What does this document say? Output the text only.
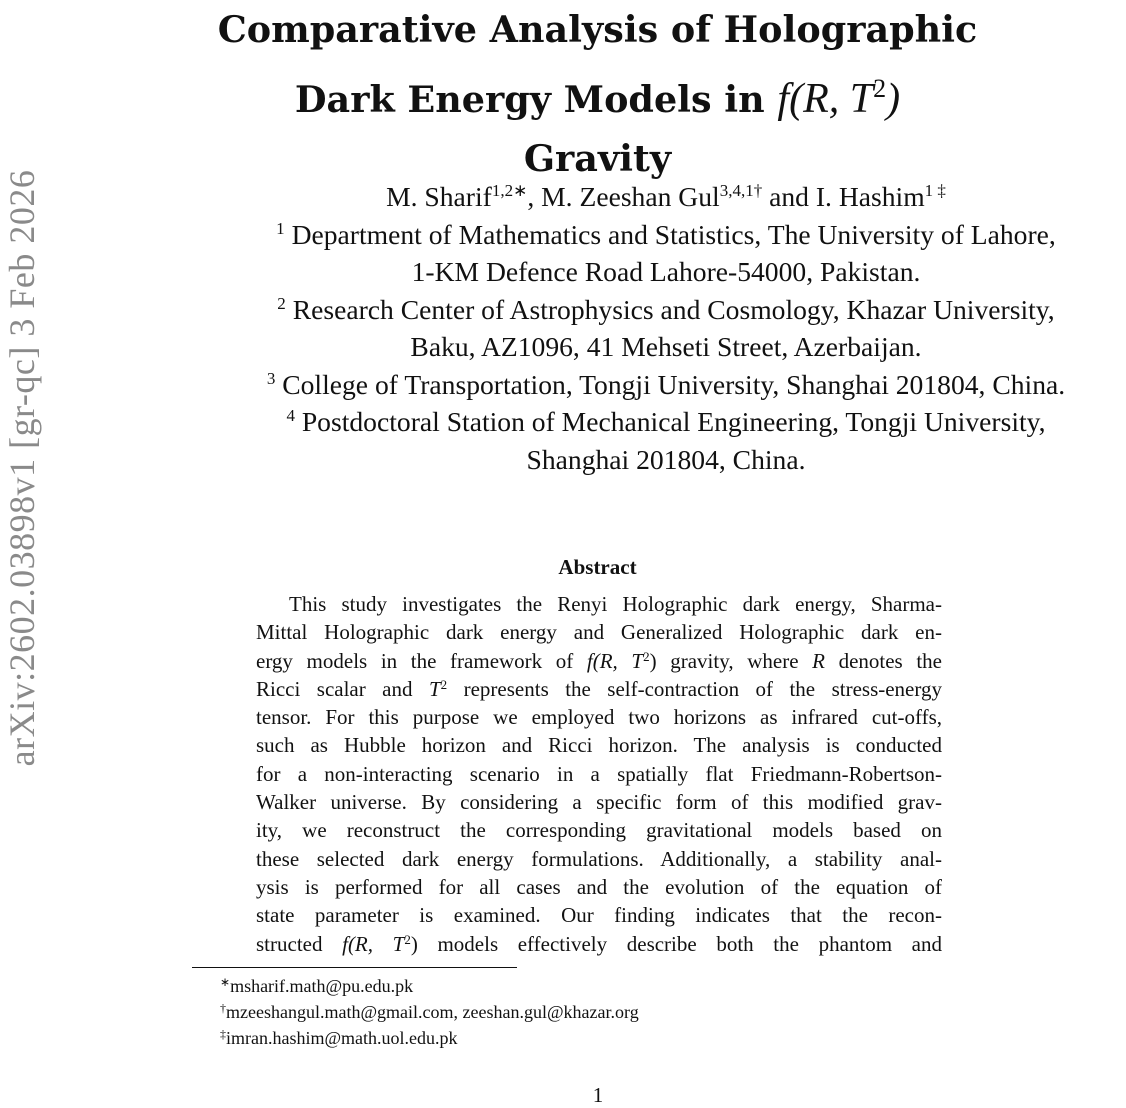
arXiv:2602.03898v1 [gr-qc] 3 Feb 2026
Comparative Analysis of Holographic
Dark Energy Models in f(R, $T^2$)
Gravity
M. Sharif$^{1,2∗}$, M. Zeeshan Gul$^{3,4,1\dagger}$ and I. Hashim$^{1 \ddagger}$
$^1$ Department of Mathematics and Statistics, The University of Lahore,
1-KM Defence Road Lahore-54000, Pakistan.
$^2$ Research Center of Astrophysics and Cosmology, Khazar University,
Baku, AZ1096, 41 Mehseti Street, Azerbaijan.
$^3$ College of Transportation, Tongji University, Shanghai 201804, China.
$^4$ Postdoctoral Station of Mechanical Engineering, Tongji University,
Shanghai 201804, China.
Abstract
This study investigates the Renyi Holographic dark energy, Sharma-
Mittal Holographic dark energy and Generalized Holographic dark en-
ergy models in the framework of f(R, $T^2$) gravity, where R denotes the
Ricci scalar and $T^2$ represents the self-contraction of the stress-energy
tensor. For this purpose we employed two horizons as infrared cut-offs,
such as Hubble horizon and Ricci horizon. The analysis is conducted
for a non-interacting scenario in a spatially flat Friedmann-Robertson-
Walker universe. By considering a specific form of this modified grav-
ity, we reconstruct the corresponding gravitational models based on
these selected dark energy formulations. Additionally, a stability anal-
ysis is performed for all cases and the evolution of the equation of
state parameter is examined. Our finding indicates that the recon-
structed f(R, $T^2$) models effectively describe both the phantom and
∗msharif.math@pu.edu.pk
†mzeeshangul.math@gmail.com, zeeshan.gul@khazar.org
‡imran.hashim@math.uol.edu.pk
1
